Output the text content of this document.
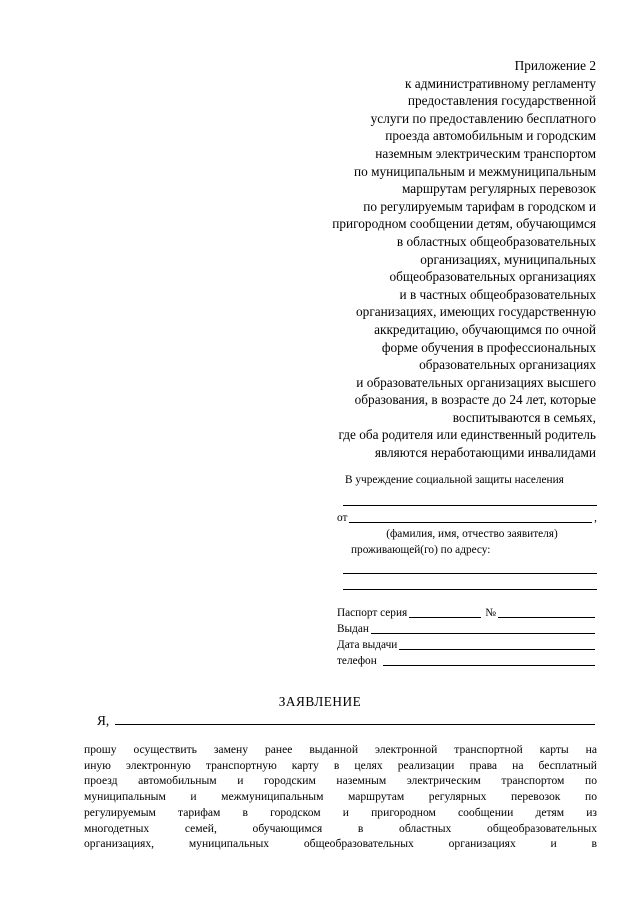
Приложение 2
к административному регламенту
предоставления государственной
услуги по предоставлению бесплатного
проезда автомобильным и городским
наземным электрическим транспортом
по муниципальным и межмуниципальным
маршрутам регулярных перевозок
по регулируемым тарифам в городском и
пригородном сообщении детям, обучающимся
в областных общеобразовательных
организациях, муниципальных
общеобразовательных организациях
и в частных общеобразовательных
организациях, имеющих государственную
аккредитацию, обучающимся по очной
форме обучения в профессиональных
образовательных организациях
и образовательных организациях высшего
образования, в возрасте до 24 лет, которые
воспитываются в семьях,
где оба родителя или единственный родитель
являются неработающими инвалидами
В учреждение социальной защиты населения
от	,
(фамилия, имя, отчество заявителя)
проживающей(го) по адресу:
Паспорт серия	№
Выдан
Дата выдачи
телефон
ЗАЯВЛЕНИЕ
Я,
прошу осуществить замену ранее выданной электронной транспортной карты на
иную электронную транспортную карту в целях реализации права на бесплатный
проезд автомобильным и городским наземным электрическим транспортом по
муниципальным и межмуниципальным маршрутам регулярных перевозок по
регулируемым тарифам в городском и пригородном сообщении детям из
многодетных семей, обучающимся в областных общеобразовательных
организациях, муниципальных общеобразовательных организациях и в
